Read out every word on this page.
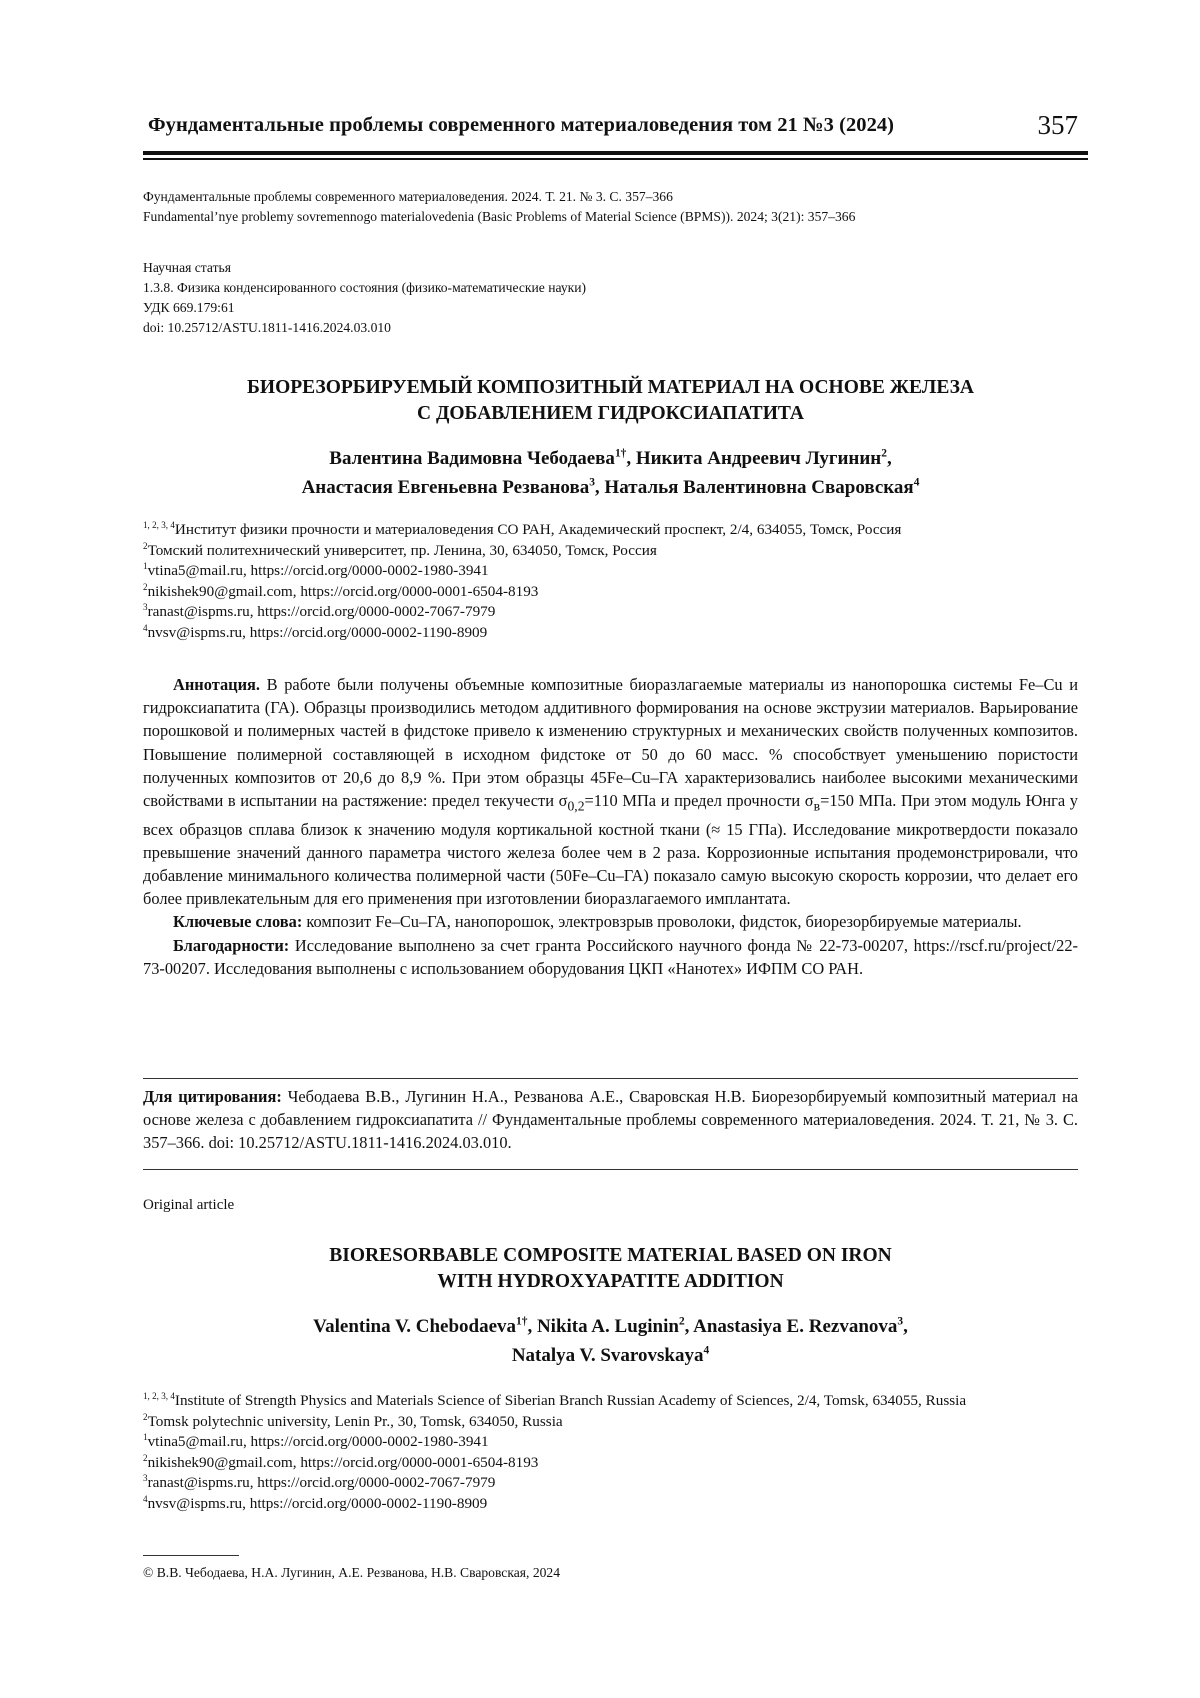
Фундаментальные проблемы современного материаловедения том 21 №3 (2024)	357
Фундаментальные проблемы современного материаловедения. 2024. Т. 21. № 3. С. 357–366
Fundamental’nye problemy sovremennogo materialovedenia (Basic Problems of Material Science (BPMS)). 2024; 3(21): 357–366
Научная статья
1.3.8. Физика конденсированного состояния (физико-математические науки)
УДК 669.179:61
doi: 10.25712/ASTU.1811-1416.2024.03.010
БИОРЕЗОРБИРУЕМЫЙ КОМПОЗИТНЫЙ МАТЕРИАЛ НА ОСНОВЕ ЖЕЛЕЗА
С ДОБАВЛЕНИЕМ ГИДРОКСИАПАТИТА
Валентина Вадимовна Чебодаева$^{1\dagger}$, Никита Андреевич Лугинин$^2$,
Анастасия Евгеньевна Резванова$^3$, Наталья Валентиновна Сваровская$^4$
$^{1, 2, 3, 4}$Институт физики прочности и материаловедения СО РАН, Академический проспект, 2/4, 634055, Томск, Россия
$^2$Томский политехнический университет, пр. Ленина, 30, 634050, Томск, Россия
$^1$vtina5@mail.ru, https://orcid.org/0000-0002-1980-3941
$^2$nikishek90@gmail.com, https://orcid.org/0000-0001-6504-8193
$^3$ranast@ispms.ru, https://orcid.org/0000-0002-7067-7979
$^4$nvsv@ispms.ru, https://orcid.org/0000-0002-1190-8909

Аннотация. В работе были получены объемные композитные биоразлагаемые материалы из нанопорошка системы Fe–Cu и гидроксиапатита (ГА). Образцы производились методом аддитивного формирования на основе экструзии материалов. Варьирование порошковой и полимерных частей в фидстоке привело к изменению структурных и механических свойств полученных композитов. Повышение полимерной составляющей в исходном фидстоке от 50 до 60 масс. % способствует уменьшению пористости полученных композитов от 20,6 до 8,9 %. При этом образцы 45Fe–Cu–ГА характеризовались наиболее высокими механическими свойствами в испытании на растяжение: предел текучести $\sigma_{0,2}=110$ МПа и предел прочности $\sigma_в=150$ МПа. При этом модуль Юнга у всех образцов сплава близок к значению модуля кортикальной костной ткани (≈ 15 ГПа). Исследование микротвердости показало превышение значений данного параметра чистого железа более чем в 2 раза. Коррозионные испытания продемонстрировали, что добавление минимального количества полимерной части (50Fe–Cu–ГА) показало самую высокую скорость коррозии, что делает его более привлекательным для его применения при изготовлении биоразлагаемого имплантата.

Ключевые слова: композит Fe–Cu–ГА, нанопорошок, электровзрыв проволоки, фидсток, биорезорбируемые материалы.

Благодарности: Исследование выполнено за счет гранта Российского научного фонда № 22-73-00207, https://rscf.ru/project/22-73-00207. Исследования выполнены с использованием оборудования ЦКП «Нанотех» ИФПМ СО РАН.

Для цитирования: Чебодаева В.В., Лугинин Н.А., Резванова А.Е., Сваровская Н.В. Биорезорбируемый композитный материал на основе железа с добавлением гидроксиапатита // Фундаментальные проблемы современного материаловедения. 2024. Т. 21, № 3. С. 357–366. doi: 10.25712/ASTU.1811-1416.2024.03.010.
Original article
BIORESORBABLE COMPOSITE MATERIAL BASED ON IRON
WITH HYDROXYAPATITE ADDITION
Valentina V. Chebodaeva$^{1\dagger}$, Nikita A. Luginin$^2$, Anastasiya E. Rezvanova$^3$,
Natalya V. Svarovskaya$^4$
$^{1, 2, 3, 4}$Institute of Strength Physics and Materials Science of Siberian Branch Russian Academy of Sciences, 2/4, Tomsk, 634055, Russia
$^2$Tomsk polytechnic university, Lenin Pr., 30, Tomsk, 634050, Russia
$^1$vtina5@mail.ru, https://orcid.org/0000-0002-1980-3941
$^2$nikishek90@gmail.com, https://orcid.org/0000-0001-6504-8193
$^3$ranast@ispms.ru, https://orcid.org/0000-0002-7067-7979
$^4$nvsv@ispms.ru, https://orcid.org/0000-0002-1190-8909
© В.В. Чебодаева, Н.А. Лугинин, А.Е. Резванова, Н.В. Сваровская, 2024
